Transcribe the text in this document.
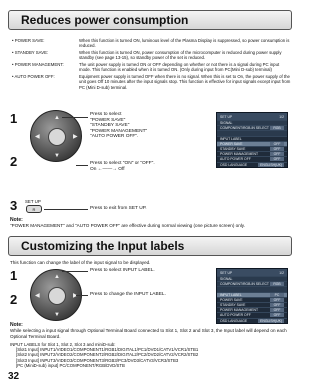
Reduces power consumption
• POWER SAVE:	When this function is turned ON, luminous level of the Plasma Display is suppressed, so power consumption is reduced.
• STANDBY SAVE:	When this function is turned ON, power consumption of the microcomputer is reduced during power supply standby (see page 13-15), so standby power of the set is reduced.
• POWER MANAGEMENT:	The unit power supply is turned ON or OFF depending on whether or not there is a signal during PC input mode. This function is enabled when it is turned ON. (Only during input from PC(Mini D-sub) terminal)
• AUTO POWER OFF:	Equipment power supply is turned OFF when there is no signal. When this is set to On, the power supply of the unit goes Off 10 minutes after the input signals stop. This function is effective for input signals except input from PC (Mini D-sub) terminal.
1
2
▲
▼
◀	▶
Press to select
"POWER SAVE"
"STANDBY SAVE"
"POWER MANAGEMENT"
"AUTO POWER OFF".
Press to select "ON" or "OFF".
On ←——→ Off
SET UP	1/2
SIGNAL
COMPONENT/RGB-IN SELECT	RGB
INPUT LABEL
POWER SAVE	OFF
STANDBY SAVE	OFF
POWER MANAGEMENT	OFF
AUTO POWER OFF	OFF
OSD LANGUAGE	ENGLISH(UK)
3 SET UP
R	Press to exit from SET UP.
Note:
"POWER MANAGEMENT" and "AUTO POWER OFF" are effective during normal viewing (one picture screen) only.
Customizing the Input labels
This function can change the label of the input signal to be displayed.
▲
▼
◀	▶
1
2
Press to select INPUT LABEL.
Press to change the INPUT LABEL.
SET UP	1/2
SIGNAL
COMPONENT/RGB-IN SELECT	RGB
INPUT LABEL	PC
POWER SAVE	OFF
STANDBY SAVE	OFF
POWER MANAGEMENT	OFF
AUTO POWER OFF	OFF
OSD LANGUAGE	ENGLISH(UK)
Note:
While selecting a input signal through Optional Terminal Board connected to Slot 1, Slot 2 and Slot 3, the Input label will depend on each Optional Terminal Board.
INPUT LABELS for Slot 1, Slot 2, Slot 3 and miniD-sub:
[Slot1 Input] INPUT1/VIDEO1/COMPONENT1/RGB1/DIGITAL1/PC1/DVD1/CATV1/VCR1/STB1
[Slot2 Input] INPUT2/VIDEO2/COMPONENT2/RGB2/DIGITAL2/PC2/DVD2/CATV2/VCR2/STB2
[Slot3 Input] INPUT3/VIDEO3/COMPONENT3/RGB3/PC3/DVD3/CATV3/VCR3/STB3
[PC (MiniD-sub) input] PC/COMPONENT/RGB/DVD/STB
32
